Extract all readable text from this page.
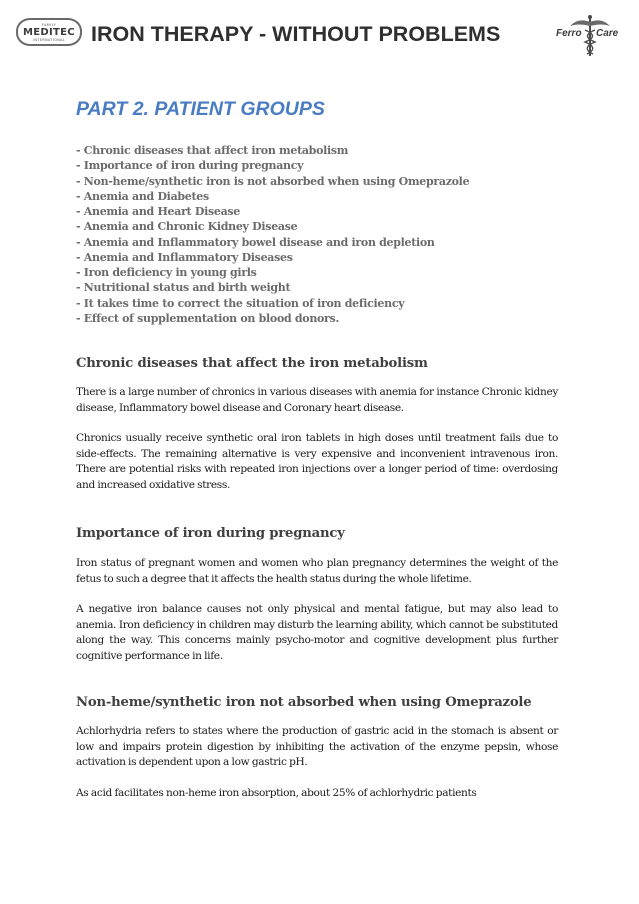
FAMILY
MEDITEC
INTERNATIONAL IRON THERAPY - WITHOUT PROBLEMS	Ferro Care
PART 2. PATIENT GROUPS
- Chronic diseases that affect iron metabolism
- Importance of iron during pregnancy
- Non-heme/synthetic iron is not absorbed when using Omeprazole
- Anemia and Diabetes
- Anemia and Heart Disease
- Anemia and Chronic Kidney Disease
- Anemia and Inflammatory bowel disease and iron depletion
- Anemia and Inflammatory Diseases
- Iron deficiency in young girls
- Nutritional status and birth weight
- It takes time to correct the situation of iron deficiency
- Effect of supplementation on blood donors.
Chronic diseases that affect the iron metabolism

There is a large number of chronics in various diseases with anemia for instance Chronic kidney disease, Inflammatory bowel disease and Coronary heart disease.

Chronics usually receive synthetic oral iron tablets in high doses until treatment fails due to side-effects. The remaining alternative is very expensive and inconvenient intravenous iron. There are potential risks with repeated iron injections over a longer period of time: overdosing and increased oxidative stress.

Importance of iron during pregnancy

Iron status of pregnant women and women who plan pregnancy determines the weight of the fetus to such a degree that it affects the health status during the whole lifetime.

A negative iron balance causes not only physical and mental fatigue, but may also lead to anemia. Iron deficiency in children may disturb the learning ability, which cannot be substituted along the way. This concerns mainly psycho-motor and cognitive development plus further cognitive performance in life.

Non-heme/synthetic iron not absorbed when using Omeprazole

Achlorhydria refers to states where the production of gastric acid in the stomach is absent or low and impairs protein digestion by inhibiting the activation of the enzyme pepsin, whose activation is dependent upon a low gastric pH.

As acid facilitates non-heme iron absorption, about 25% of achlorhydric patients
